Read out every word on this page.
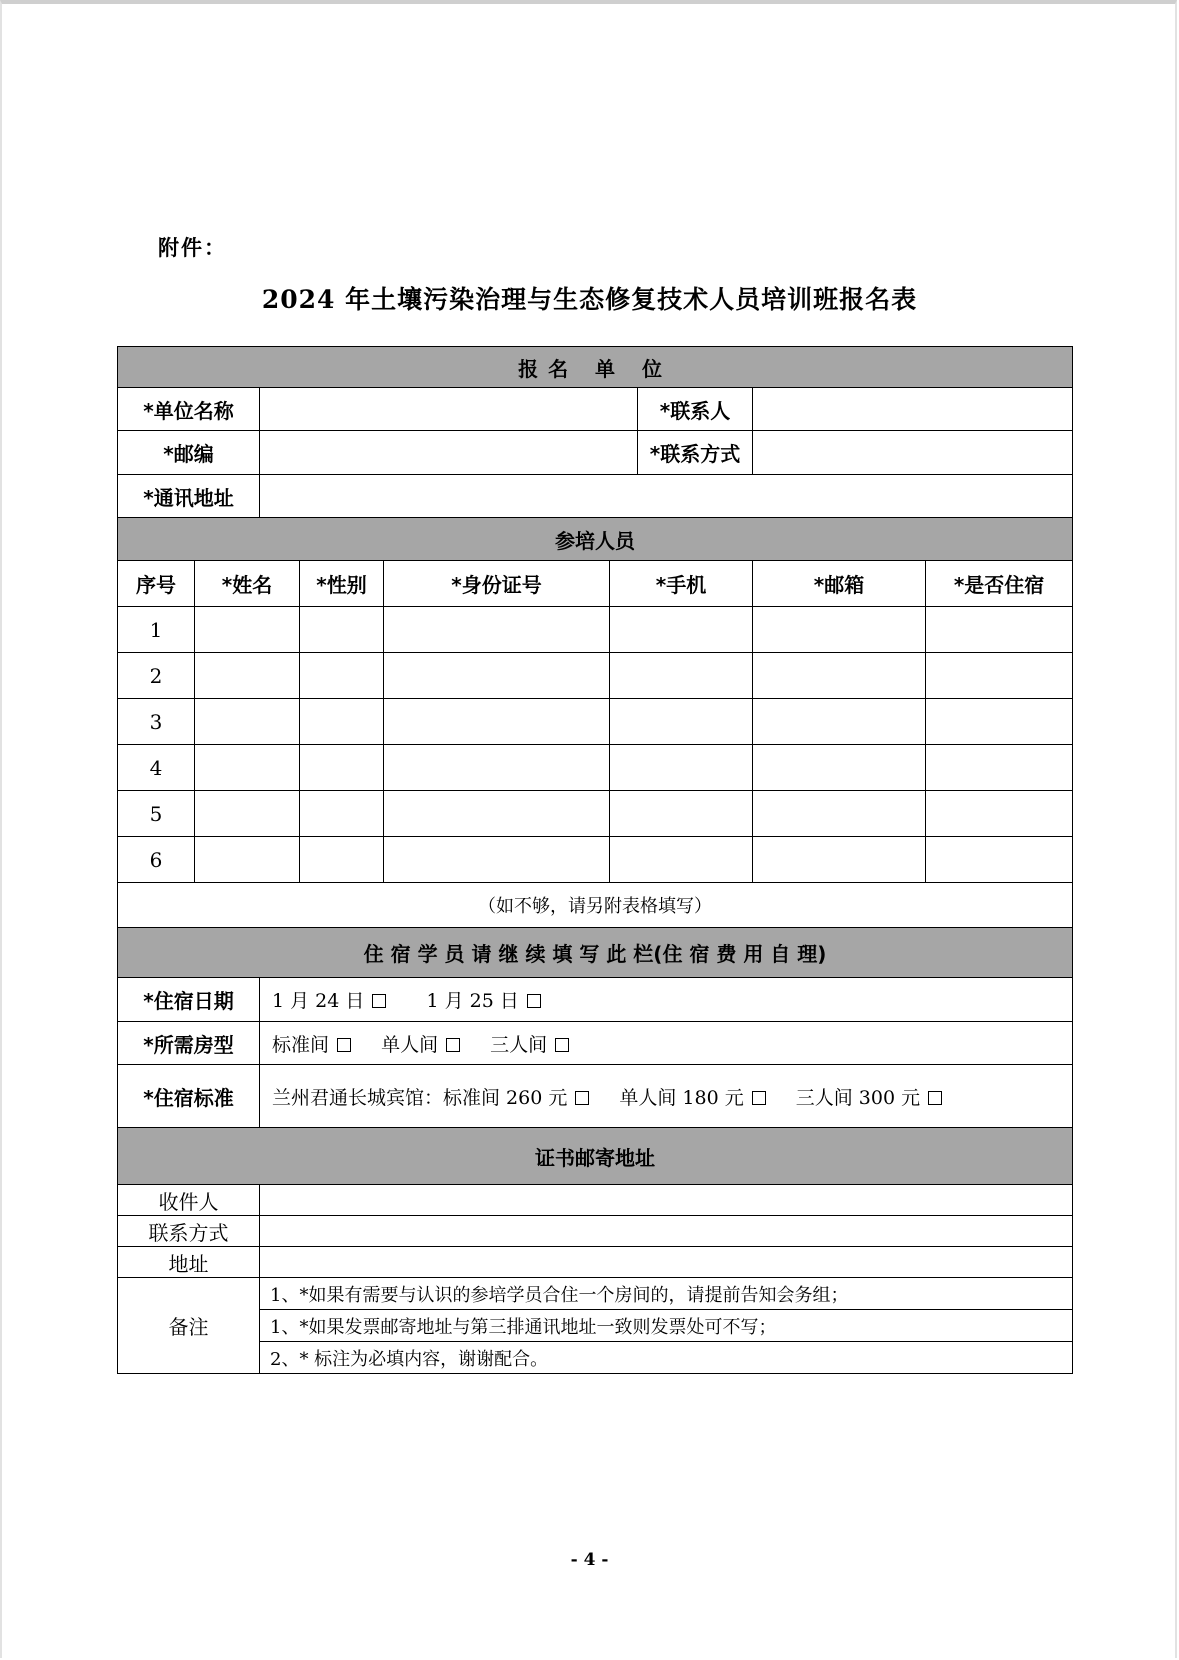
附件：
2024 年土壤污染治理与生态修复技术人员培训班报名表
报名 单 位								
*单位名称						*联系人		
*邮编						*联系方式		
*通讯地址								
参培人员								
序号	*姓名		*性别	*身份证号	*手机		*邮箱	*是否住宿
1								
2								
3								
4								
5								
6								
（如不够，请另附表格填写）								
住 宿 学 员 请 继 续 填 写 此 栏(住 宿 费 用 自 理)								
*住宿日期		1 月 24 日 1 月 25 日						
*所需房型		标准间 单人间 三人间						
*住宿标准		兰州君通长城宾馆：标准间 260 元 单人间 180 元 三人间 300 元						
证书邮寄地址								
收件人								
联系方式								
地址								
备注		1、*如果有需要与认识的参培学员合住一个房间的，请提前告知会务组；						
		1、*如果发票邮寄地址与第三排通讯地址一致则发票处可不写；						
		2、* 标注为必填内容，谢谢配合。						
- 4 -
